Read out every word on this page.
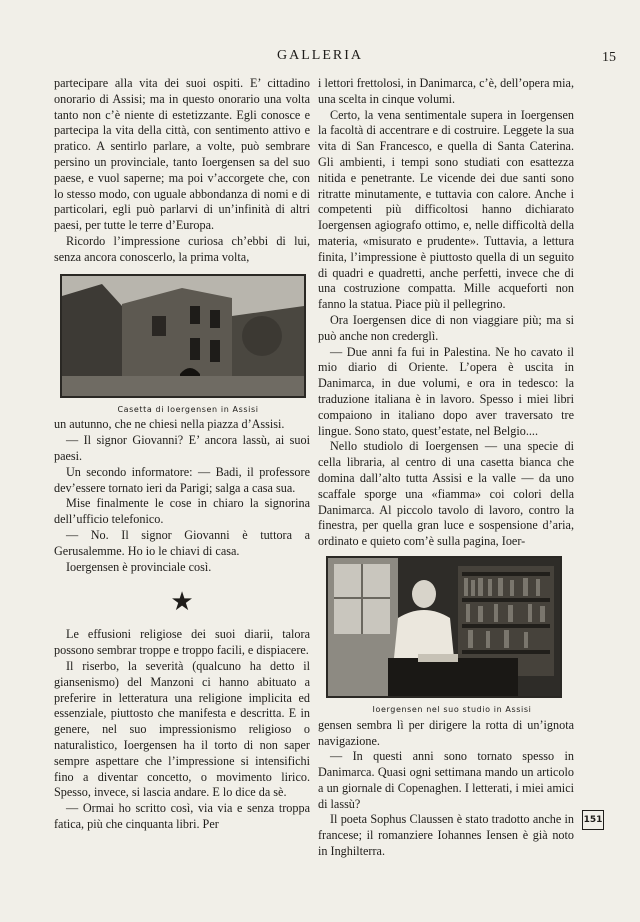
GALLERIA	15

partecipare alla vita dei suoi ospiti. E’ cittadino onorario di Assisi; ma in questo onorario una volta tanto non c’è niente di estetizzante. Egli conosce e partecipa la vita della città, con sentimento attivo e pratico. A sentirlo parlare, a volte, può sembrare persino un provinciale, tanto Ioergensen sa del suo paese, e vuol saperne; ma poi v’accorgete che, con lo stesso modo, con uguale abbondanza di nomi e di particolari, egli può parlarvi di un’infinità di altri paesi, per tutte le terre d’Europa.

Ricordo l’impressione curiosa ch’ebbi di lui, senza ancora conoscerlo, la prima volta,

Casetta di Ioergensen in Assisi

un autunno, che ne chiesi nella piazza d’Assisi.

— Il signor Giovanni? E’ ancora lassù, ai suoi paesi.

Un secondo informatore: — Badi, il professore dev’essere tornato ieri da Parigi; salga a casa sua.

Mise finalmente le cose in chiaro la signorina dell’ufficio telefonico.

— No. Il signor Giovanni è tuttora a Gerusalemme. Ho io le chiavi di casa.

Ioergensen è provinciale così.

★

Le effusioni religiose dei suoi diarii, talora possono sembrar troppe e troppo facili, e dispiacere.

Il riserbo, la severità (qualcuno ha detto il giansenismo) del Manzoni ci hanno abituato a preferire in letteratura una religione implicita ed essenziale, piuttosto che manifesta e descritta. E in genere, nel suo impressionismo religioso o naturalistico, Ioergensen ha il torto di non saper sempre aspettare che l’impressione si intensifichi fino a diventar concetto, o movimento lirico. Spesso, invece, si lascia andare. E lo dice da sè.

— Ormai ho scritto così, via via e senza troppa fatica, più che cinquanta libri. Per

i lettori frettolosi, in Danimarca, c’è, dell’opera mia, una scelta in cinque volumi.

Certo, la vena sentimentale supera in Ioergensen la facoltà di accentrare e di costruire. Leggete la sua vita di San Francesco, e quella di Santa Caterina. Gli ambienti, i tempi sono studiati con esattezza nitida e penetrante. Le vicende dei due santi sono ritratte minutamente, e tuttavia con calore. Anche i competenti più difficoltosi hanno dichiarato Ioergensen agiografo ottimo, e, nelle difficoltà della materia, «misurato e prudente». Tuttavia, a lettura finita, l’impressione è piuttosto quella di un seguito di quadri e quadretti, anche perfetti, invece che di una costruzione compatta. Mille acqueforti non fanno la statua. Piace più il pellegrino.

Ora Ioergensen dice di non viaggiare più; ma si può anche non crederglì.

— Due anni fa fui in Palestina. Ne ho cavato il mio diario di Oriente. L’opera è uscita in Danimarca, in due volumi, e ora in tedesco: la traduzione italiana è in lavoro. Spesso i miei libri compaiono in italiano dopo aver traversato tre lingue. Sono stato, quest’estate, nel Belgio....

Nello studiolo di Ioergensen — una specie di cella libraria, al centro di una casetta bianca che domina dall’alto tutta Assisi e la valle — da uno scaffale sporge una «fiamma» coi colori della Danimarca. Al piccolo tavolo di lavoro, contro la finestra, per quella gran luce e sospensione d’aria, ordinato e quieto com’è sulla pagina, Ioer-

Ioergensen nel suo studio in Assisi

gensen sembra lì per dirigere la rotta di un’ignota navigazione.

— In questi anni sono tornato spesso in Danimarca. Quasi ogni settimana mando un articolo a un giornale di Copenaghen. I letterati, i miei amici di lassù?

Il poeta Sophus Claussen è stato tradotto anche in francese; il romanziere Iohannes Iensen è già noto in Inghilterra.

151
